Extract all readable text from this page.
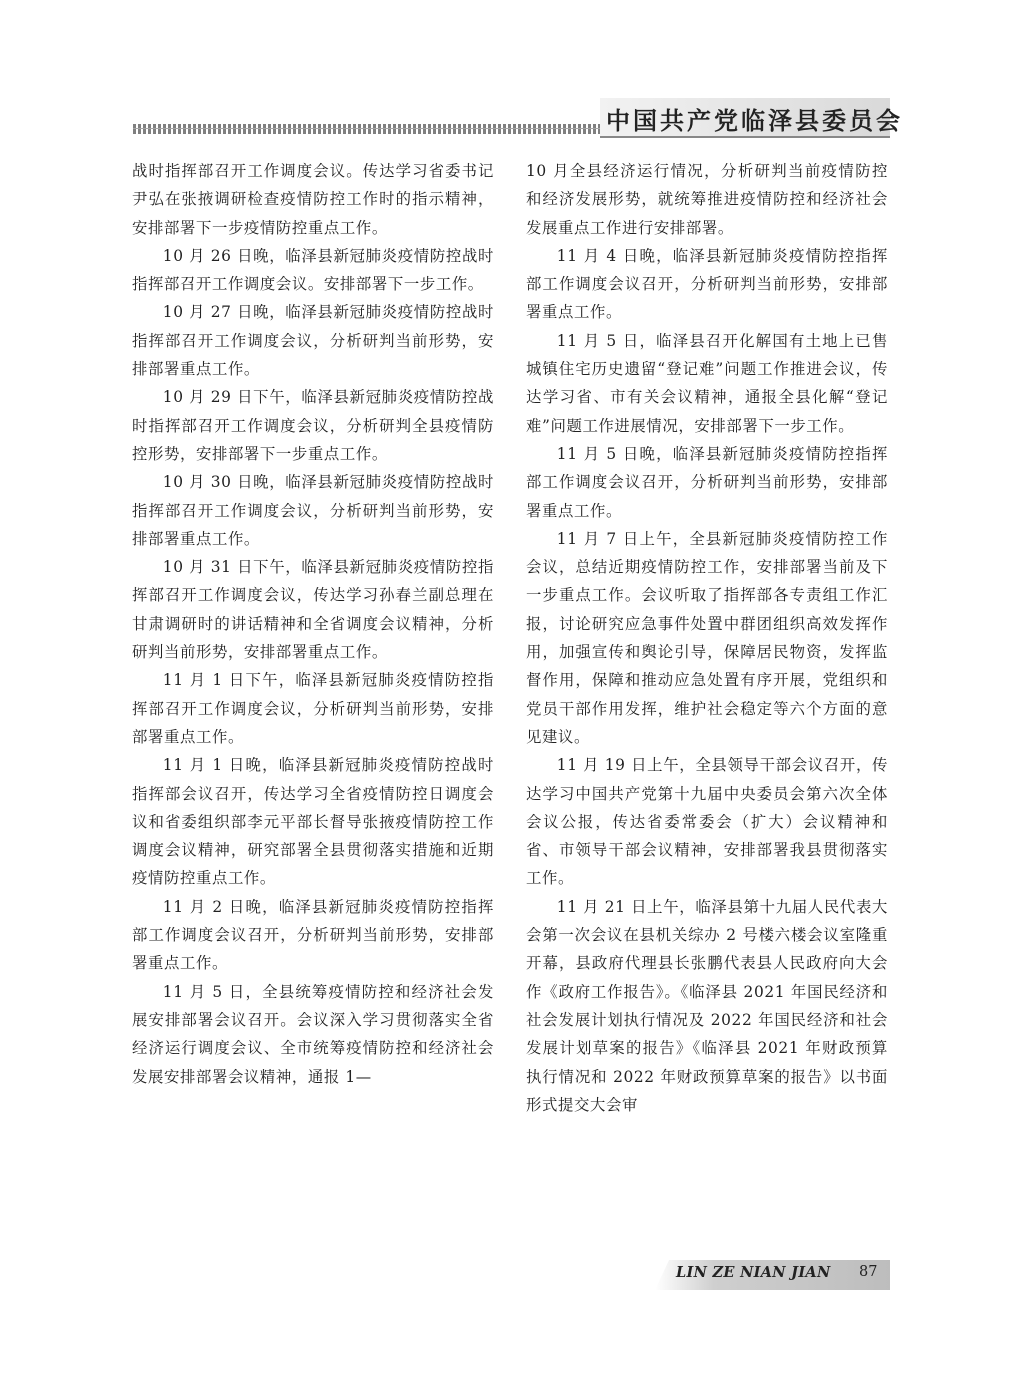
中国共产党临泽县委员会

战时指挥部召开工作调度会议。传达学习省委书记尹弘在张掖调研检查疫情防控工作时的指示精神，安排部署下一步疫情防控重点工作。

10 月 26 日晚，临泽县新冠肺炎疫情防控战时指挥部召开工作调度会议。安排部署下一步工作。

10 月 27 日晚，临泽县新冠肺炎疫情防控战时指挥部召开工作调度会议，分析研判当前形势，安排部署重点工作。

10 月 29 日下午，临泽县新冠肺炎疫情防控战时指挥部召开工作调度会议，分析研判全县疫情防控形势，安排部署下一步重点工作。

10 月 30 日晚，临泽县新冠肺炎疫情防控战时指挥部召开工作调度会议，分析研判当前形势，安排部署重点工作。

10 月 31 日下午，临泽县新冠肺炎疫情防控指挥部召开工作调度会议，传达学习孙春兰副总理在甘肃调研时的讲话精神和全省调度会议精神，分析研判当前形势，安排部署重点工作。

11 月 1 日下午，临泽县新冠肺炎疫情防控指挥部召开工作调度会议，分析研判当前形势，安排部署重点工作。

11 月 1 日晚，临泽县新冠肺炎疫情防控战时指挥部会议召开，传达学习全省疫情防控日调度会议和省委组织部李元平部长督导张掖疫情防控工作调度会议精神，研究部署全县贯彻落实措施和近期疫情防控重点工作。

11 月 2 日晚，临泽县新冠肺炎疫情防控指挥部工作调度会议召开，分析研判当前形势，安排部署重点工作。

11 月 5 日，全县统筹疫情防控和经济社会发展安排部署会议召开。会议深入学习贯彻落实全省经济运行调度会议、全市统筹疫情防控和经济社会发展安排部署会议精神，通报 1—

10 月全县经济运行情况，分析研判当前疫情防控和经济发展形势，就统筹推进疫情防控和经济社会发展重点工作进行安排部署。

11 月 4 日晚，临泽县新冠肺炎疫情防控指挥部工作调度会议召开，分析研判当前形势，安排部署重点工作。

11 月 5 日，临泽县召开化解国有土地上已售城镇住宅历史遗留“登记难”问题工作推进会议，传达学习省、市有关会议精神，通报全县化解“登记难”问题工作进展情况，安排部署下一步工作。

11 月 5 日晚，临泽县新冠肺炎疫情防控指挥部工作调度会议召开，分析研判当前形势，安排部署重点工作。

11 月 7 日上午，全县新冠肺炎疫情防控工作会议，总结近期疫情防控工作，安排部署当前及下一步重点工作。会议听取了指挥部各专责组工作汇报，讨论研究应急事件处置中群团组织高效发挥作用，加强宣传和舆论引导，保障居民物资，发挥监督作用，保障和推动应急处置有序开展，党组织和党员干部作用发挥，维护社会稳定等六个方面的意见建议。

11 月 19 日上午，全县领导干部会议召开，传达学习中国共产党第十九届中央委员会第六次全体会议公报，传达省委常委会（扩大）会议精神和省、市领导干部会议精神，安排部署我县贯彻落实工作。

11 月 21 日上午，临泽县第十九届人民代表大会第一次会议在县机关综办 2 号楼六楼会议室隆重开幕，县政府代理县长张鹏代表县人民政府向大会作《政府工作报告》。《临泽县 2021 年国民经济和社会发展计划执行情况及 2022 年国民经济和社会发展计划草案的报告》《临泽县 2021 年财政预算执行情况和 2022 年财政预算草案的报告》以书面形式提交大会审

LIN ZE NIAN JIAN 87
